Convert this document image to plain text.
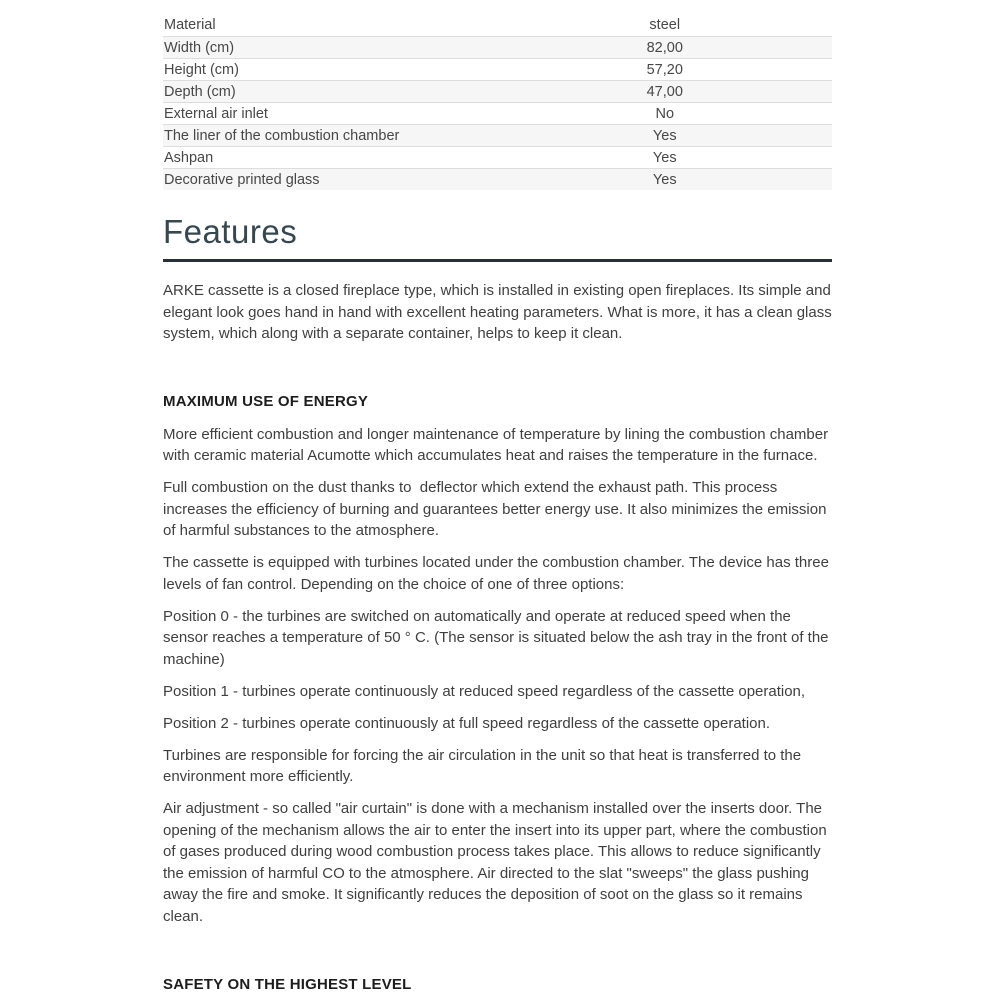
Material	steel
Width (cm)	82,00
Height (cm)	57,20
Depth (cm)	47,00
External air inlet	No
The liner of the combustion chamber	Yes
Ashpan	Yes
Decorative printed glass	Yes
Features

ARKE cassette is a closed fireplace type, which is installed in existing open fireplaces. Its simple and elegant look goes hand in hand with excellent heating parameters. What is more, it has a clean glass system, which along with a separate container, helps to keep it clean.

MAXIMUM USE OF ENERGY

More efficient combustion and longer maintenance of temperature by lining the combustion chamber with ceramic material Acumotte which accumulates heat and raises the temperature in the furnace.

Full combustion on the dust thanks to  deflector which extend the exhaust path. This process increases the efficiency of burning and guarantees better energy use. It also minimizes the emission of harmful substances to the atmosphere.

The cassette is equipped with turbines located under the combustion chamber. The device has three levels of fan control. Depending on the choice of one of three options:

Position 0 - the turbines are switched on automatically and operate at reduced speed when the sensor reaches a temperature of 50 ° C. (The sensor is situated below the ash tray in the front of the machine)

Position 1 - turbines operate continuously at reduced speed regardless of the cassette operation,

Position 2 - turbines operate continuously at full speed regardless of the cassette operation.

Turbines are responsible for forcing the air circulation in the unit so that heat is transferred to the environment more efficiently.

Air adjustment - so called "air curtain" is done with a mechanism installed over the inserts door. The opening of the mechanism allows the air to enter the insert into its upper part, where the combustion of gases produced during wood combustion process takes place. This allows to reduce significantly the emission of harmful CO to the atmosphere. Air directed to the slat "sweeps" the glass pushing away the fire and smoke. It significantly reduces the deposition of soot on the glass so it remains clean.

SAFETY ON THE HIGHEST LEVEL
